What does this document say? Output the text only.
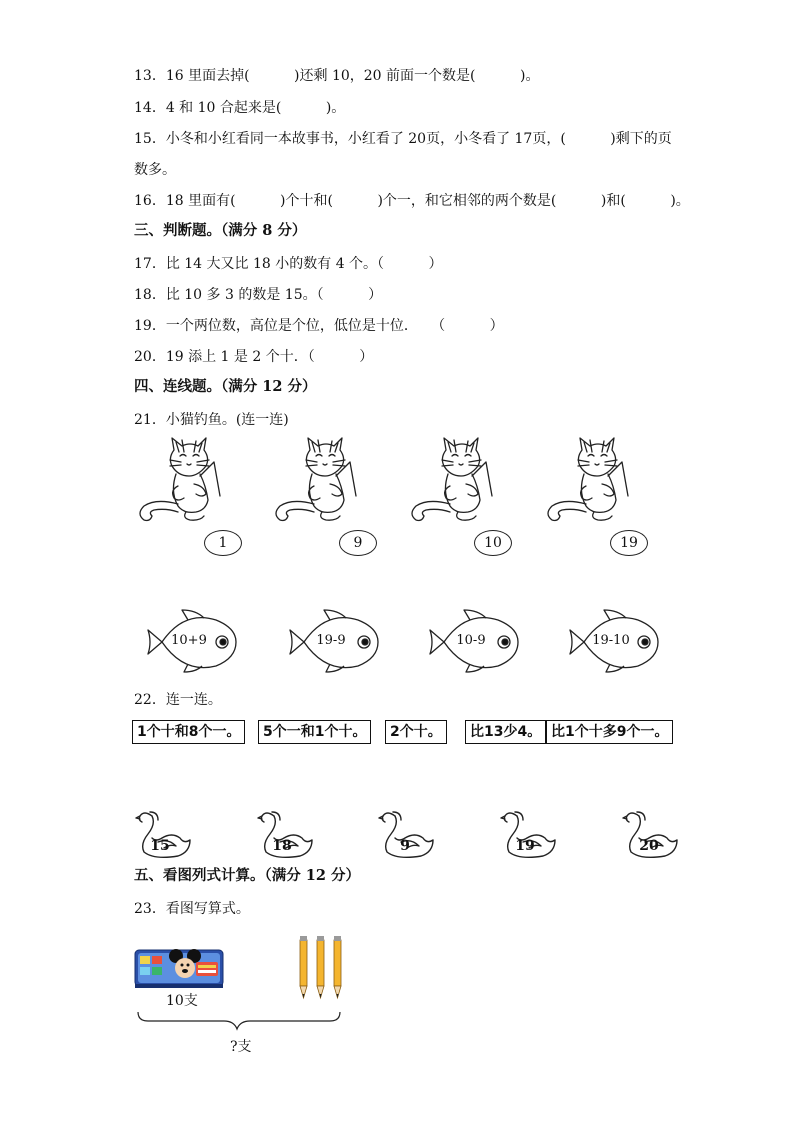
13．16 里面去掉(          )还剩 10，20 前面一个数是(          )。
14．4 和 10 合起来是(          )。
15．小冬和小红看同一本故事书，小红看了 20页，小冬看了 17页，(          )剩下的页
数多。
16．18 里面有(          )个十和(          )个一，和它相邻的两个数是(          )和(          )。
三、判断题。（满分 8 分）
17．比 14 大又比 18 小的数有 4 个。（          ）
18．比 10 多 3 的数是 15。（          ）
19．一个两位数，高位是个位，低位是十位．   （          ）
20．19 添上 1 是 2 个十．（          ）
四、连线题。（满分 12 分）
21．小猫钓鱼。(连一连)
1	9	10	19
10+9	19-9	10-9	19-10
22．连一连。
1个十和8个一。	5个一和1个十。	2个十。	比13少4。 比1个十多9个一。
15	18	9	19	20
五、看图列式计算。（满分 12 分）
23．看图写算式。
10支
?支
